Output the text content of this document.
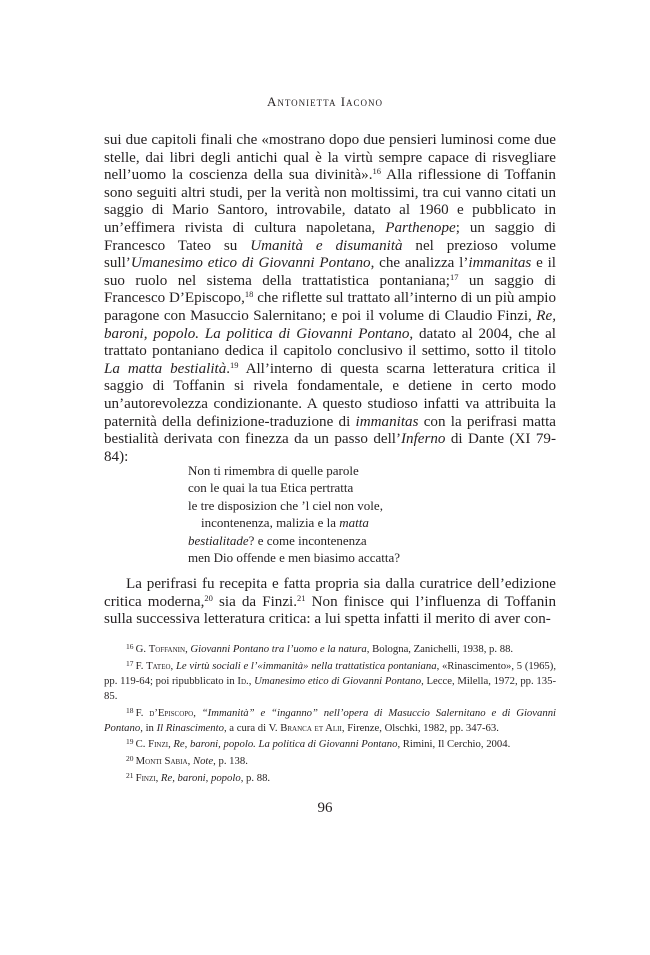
Antonietta Iacono

sui due capitoli finali che «mostrano dopo due pensieri luminosi come due stelle, dai libri degli antichi qual è la virtù sempre capace di risvegliare nell’uomo la coscienza della sua divinità».$^{16}$ Alla riflessione di Toffanin sono seguiti altri studi, per la verità non moltissimi, tra cui vanno citati un saggio di Mario Santoro, introvabile, datato al 1960 e pubblicato in un’effimera rivista di cultura napoletana, Parthenope; un saggio di Francesco Tateo su Umanità e disumanità nel prezioso volume sull’Umanesimo etico di Giovanni Pontano, che analizza l’immanitas e il suo ruolo nel sistema della trattatistica pontaniana;$^{17}$ un saggio di Francesco D’Episcopo,$^{18}$ che riflette sul trattato all’interno di un più ampio paragone con Masuccio Salernitano; e poi il volume di Claudio Finzi, Re, baroni, popolo. La politica di Giovanni Pontano, datato al 2004, che al trattato pontaniano dedica il capitolo conclusivo il settimo, sotto il titolo La matta bestialità.$^{19}$ All’interno di questa scarna letteratura critica il saggio di Toffanin si rivela fondamentale, e detiene in certo modo un’autorevolezza condizionante. A questo studioso infatti va attribuita la paternità della definizione-traduzione di immanitas con la perifrasi matta bestialità derivata con finezza da un passo dell’Inferno di Dante (XI 79-84):

Non ti rimembra di quelle parole
con le quai la tua Etica pertratta
le tre disposizion che ’l ciel non vole,
incontenenza, malizia e la matta
bestialitade? e come incontenenza
men Dio offende e men biasimo accatta?
La perifrasi fu recepita e fatta propria sia dalla curatrice dell’edizione critica moderna,$^{20}$ sia da Finzi.$^{21}$ Non finisce qui l’influenza di Toffanin sulla successiva letteratura critica: a lui spetta infatti il merito di aver con-

$^{16}$  G. Toffanin, Giovanni Pontano tra l’uomo e la natura, Bologna, Zanichelli, 1938, p. 88.

$^{17}$  F. Tateo, Le virtù sociali e l’«immanità» nella trattatistica pontaniana, «Rinascimento», 5 (1965), pp. 119-64; poi ripubblicato in Id., Umanesimo etico di Giovanni Pontano, Lecce, Milella, 1972, pp. 135-85.

$^{18}$  F. d’Episcopo, “Immanità” e “inganno” nell’opera di Masuccio Salernitano e di Giovanni Pontano, in Il Rinascimento, a cura di V. Branca et Alii, Firenze, Olschki, 1982, pp. 347-63.

$^{19}$  C. Finzi, Re, baroni, popolo. La politica di Giovanni Pontano, Rimini, Il Cerchio, 2004.

$^{20}$  Monti Sabia, Note, p. 138.

$^{21}$  Finzi, Re, baroni, popolo, p. 88.

96
